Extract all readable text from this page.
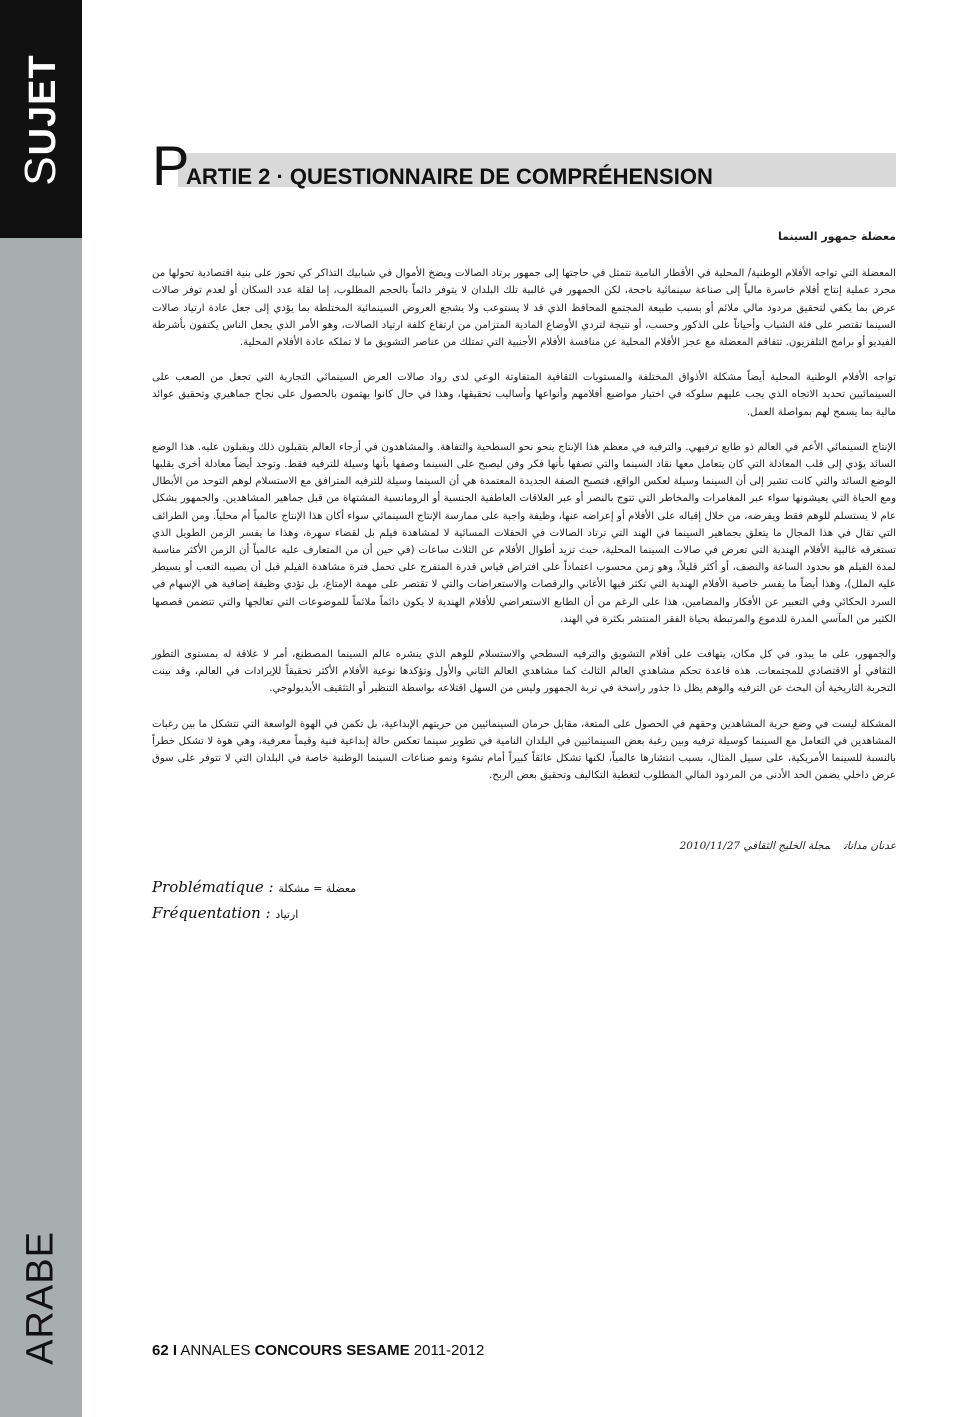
SUJET
ARABE
P
ARTIE 2 · QUESTIONNAIRE DE COMPRÉHENSION
معضلة جمهور السينما

المعضلة التي تواجه الأفلام الوطنية/ المحلية في الأقطار النامية تتمثل في حاجتها إلى جمهور يرتاد الصالات ويضخ الأموال في شبابيك التذاكر كي تحوز على بنية اقتصادية تحولها من مجرد عملية إنتاج أفلام خاسرة مالياً إلى صناعة سينمائية ناجحة، لكن الجمهور في غالبية تلك البلدان لا يتوفر دائماً بالحجم المطلوب، إما لقلة عدد السكان أو لعدم توفر صالات عرض بما يكفي لتحقيق مردود مالي ملائم أو بسبب طبيعة المجتمع المحافظ الذي قد لا يستوعب ولا يشجع العروض السينمائية المختلطة بما يؤدي إلى جعل عادة ارتياد صالات السينما تقتصر على فئة الشباب وأحياناً على الذكور وحسب، أو نتيجة لتردي الأوضاع المادية المتزامن من ارتفاع كلفة ارتياد الصالات، وهو الأمر الذي يجعل الناس يكتفون بأشرطة الفيديو أو برامج التلفزيون. تتفاقم المعضلة مع عجز الأفلام المحلية عن منافسة الأفلام الأجنبية التي تمتلك من عناصر التشويق ما لا تملكه عادة الأفلام المحلية.

تواجه الأفلام الوطنية المحلية أيضاً مشكلة الأذواق المختلفة والمستويات الثقافية المتفاوتة الوعي لدى رواد صالات العرض السينمائي التجارية التي تجعل من الصعب على السينمائيين تحديد الاتجاه الذي يجب عليهم سلوكه في اختيار مواضيع أفلامهم وأنواعها وأساليب تحقيقها، وهذا في حال كانوا يهتمون بالحصول على نجاح جماهيري وتحقيق عوائد مالية بما يسمح لهم بمواصلة العمل.

الإنتاج السينمائي الأعم في العالم ذو طابع ترفيهي. والترفيه في معظم هذا الإنتاج ينحو نحو السطحية والتفاهة. والمشاهدون في أرجاء العالم يتقبلون ذلك ويقبلون عليه. هذا الوضع السائد يؤدي إلى قلب المعادلة التي كان يتعامل معها نقاد السينما والتي تصفها بأنها فكر وفن ليصبح على السينما وصفها بأنها وسيلة للترفيه فقط. وتوجد أيضاً معادلة أخرى يقلبها الوضع السائد والتي كانت تشير إلى أن السينما وسيلة لعكس الواقع، فتصبح الصفة الجديدة المعتمدة هي أن السينما وسيلة للترفيه المترافق مع الاستسلام لوهم التوحد من الأبطال ومع الحياة التي يعيشونها سواء عبر المغامرات والمخاطر التي تتوج بالنصر أو عبر العلاقات العاطفية الجنسية أو الرومانسية المشتهاة من قبل جماهير المشاهدين. والجمهور بشكل عام لا يستسلم للوهم فقط ويفرضه، من خلال إقباله على الأفلام أو إعراضه عنها، وظيفة واجبة على ممارسة الإنتاج السينمائي سواء أكان هذا الإنتاج عالمياً أم محلياً. ومن الطرائف التي تقال في هذا المجال ما يتعلق بجماهير السينما في الهند التي ترتاد الصالات في الحفلات المسائية لا لمشاهدة فيلم بل لقضاء سهرة، وهذا ما يفسر الزمن الطويل الذي تستغرقه غالبية الأفلام الهندية التي تعرض في صالات السينما المحلية، حيث تزيد أطوال الأفلام عن الثلاث ساعات (في حين أن من المتعارف عليه عالمياً أن الزمن الأكثر مناسبة لمدة الفيلم هو بحدود الساعة والنصف، أو أكثر قليلاً، وهو زمن محسوب اعتماداً على افتراض قياس قدرة المتفرج على تحمل فترة مشاهدة الفيلم قبل أن يصيبه التعب أو يسيطر عليه الملل)، وهذا أيضاً ما يفسر خاصية الأفلام الهندية التي تكثر فيها الأغاني والرقصات والاستعراضات والتي لا تقتصر على مهمة الإمتاع، بل تؤدي وظيفة إضافية هي الإسهام في السرد الحكائي وفي التعبير عن الأفكار والمضامين، هذا على الرغم من أن الطابع الاستعراضي للأفلام الهندية لا يكون دائماً ملائماً للموضوعات التي تعالجها والتي تتضمن قصصها الكثير من المآسي المدرة للدموع والمرتبطة بحياة الفقر المنتشر بكثرة في الهند.

والجمهور، على ما يبدو، في كل مكان، يتهافت على أفلام التشويق والترفيه السطحي والاستسلام للوهم الذي ينشره عالم السينما المصطنع، أمر لا علاقة له بمستوى التطور الثقافي أو الاقتصادي للمجتمعات. هذه قاعدة تحكم مشاهدي العالم الثالث كما مشاهدي العالم الثاني والأول وتؤكدها نوعية الأفلام الأكثر تحقيقاً للإيرادات في العالم، وقد بينت التجربة التاريخية أن البحث عن الترفيه والوهم يظل ذا جذور راسخة في تربة الجمهور وليس من السهل اقتلاعه بواسطة التنظير أو التثقيف الأيديولوجي.

المشكلة ليست في وضع حرية المشاهدين وحقهم في الحصول على المتعة، مقابل حرمان السينمائيين من حريتهم الإبداعية، بل تكمن في الهوة الواسعة التي تتشكل ما بين رغبات المشاهدين في التعامل مع السينما كوسيلة ترفيه وبين رغبة بعض السينمائيين في البلدان النامية في تطوير سينما تعكس حالة إبداعية فنية وقيماً معرفية، وهي هوة لا تشكل خطراً بالنسبة للسينما الأمريكية، على سبيل المثال، بسبب انتشارها عالمياً، لكنها تشكل عائقاً كبيراً أمام نشوء ونمو صناعات السينما الوطنية خاصة في البلدان التي لا تتوفر على سوق عرض داخلي يضمن الحد الأدنى من المردود المالي المطلوب لتغطية التكاليف وتحقيق بعض الربح.

عدنان مداناتمجلة الخليج الثقافي 2010/11/27
Problématique : معضلة = مشكلة
Fréquentation : ارتياد
62 I ANNALES CONCOURS SESAME 2011-2012
